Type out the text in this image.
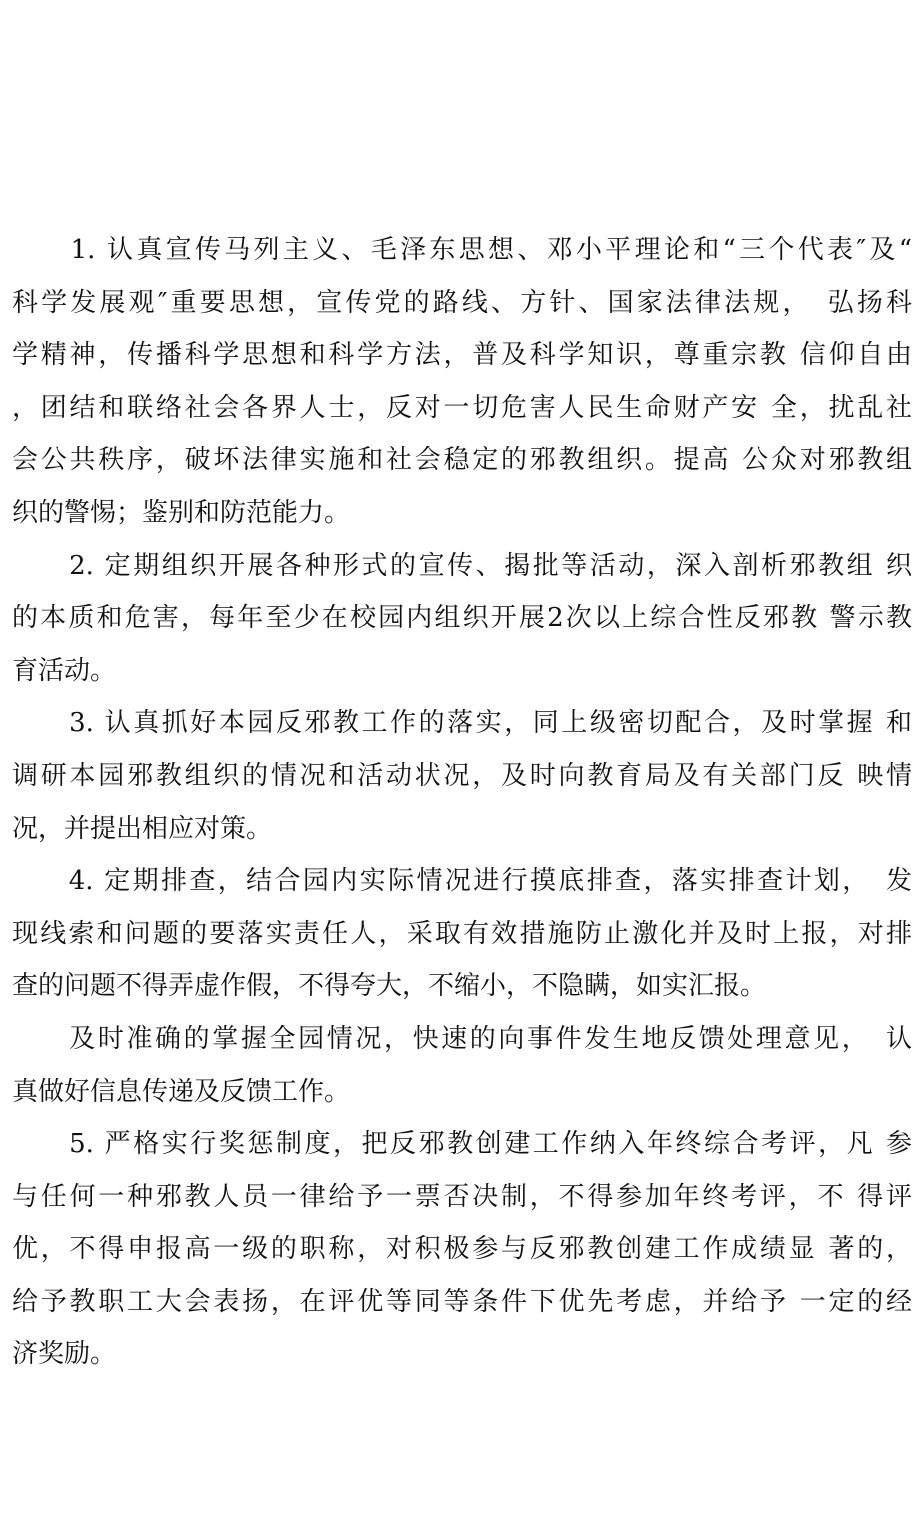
　　1. 认真宣传马列主义、毛泽东思想、邓小平理论和“三个代表″及“
科学发展观″重要思想，宣传党的路线、方针、国家法律法规，　弘扬科
学精神，传播科学思想和科学方法，普及科学知识，尊重宗教 信仰自由
，团结和联络社会各界人士，反对一切危害人民生命财产安 全，扰乱社
会公共秩序，破坏法律实施和社会稳定的邪教组织。提高 公众对邪教组
织的警惕；鉴别和防范能力。
　　2. 定期组织开展各种形式的宣传、揭批等活动，深入剖析邪教组 织
的本质和危害，每年至少在校园内组织开展2次以上综合性反邪教 警示教
育活动。
　　3. 认真抓好本园反邪教工作的落实，同上级密切配合，及时掌握 和
调研本园邪教组织的情况和活动状况，及时向教育局及有关部门反 映情
况，并提出相应对策。
　　4. 定期排查，结合园内实际情况进行摸底排查，落实排查计划，　发
现线索和问题的要落实责任人，采取有效措施防止激化并及时上报，对排
查的问题不得弄虚作假，不得夸大，不缩小，不隐瞒，如实汇报。
　　及时准确的掌握全园情况，快速的向事件发生地反馈处理意见，　认
真做好信息传递及反馈工作。
　　5. 严格实行奖惩制度，把反邪教创建工作纳入年终综合考评，凡 参
与任何一种邪教人员一律给予一票否决制，不得参加年终考评，不 得评
优，不得申报高一级的职称，对积极参与反邪教创建工作成绩显 著的，
给予教职工大会表扬，在评优等同等条件下优先考虑，并给予 一定的经
济奖励。
